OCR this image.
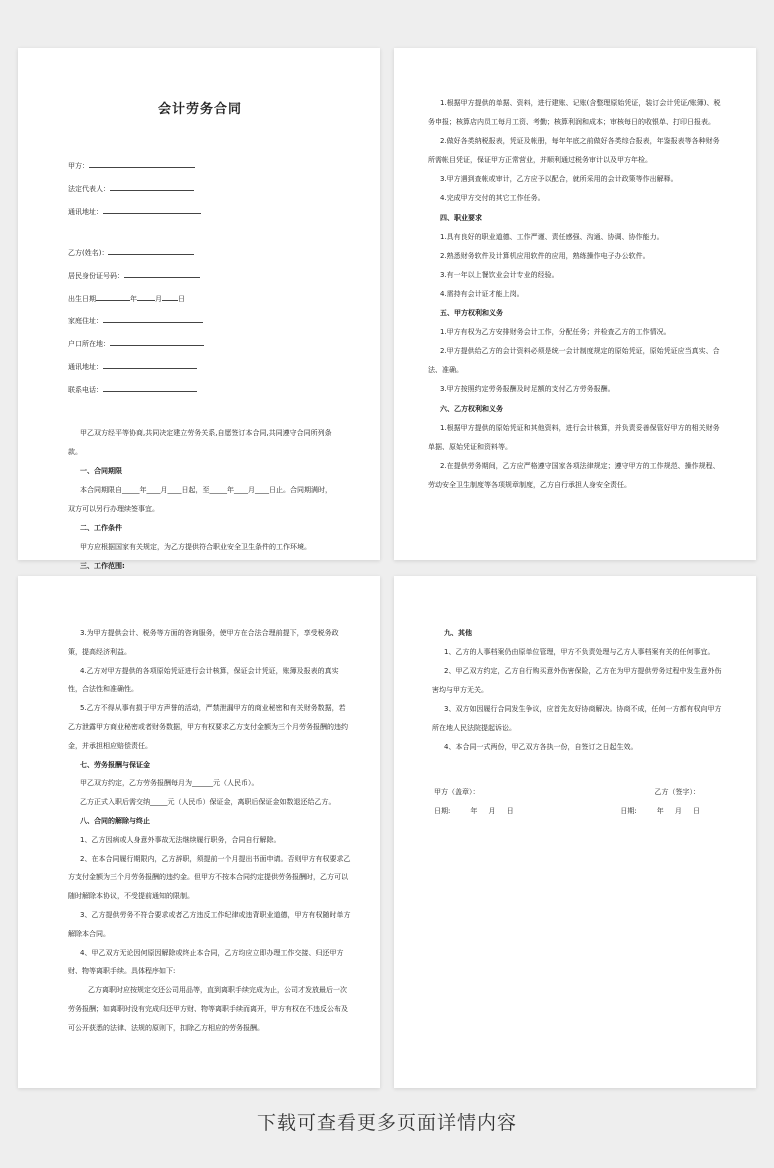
会计劳务合同
甲方：
法定代表人：
通讯地址：
乙方(姓名)：
居民身份证号码：
出生日期	年	月 日
家庭住址：
户口所在地：
通讯地址：
联系电话：

甲乙双方经平等协商,共同决定建立劳务关系,自愿签订本合同,共同遵守合同所列条款。

一、合同期限

本合同期限自_____年____月____日起，至_____年____月____日止。合同期满时，双方可以另行办理续签事宜。

二、工作条件

甲方应根据国家有关规定，为乙方提供符合职业安全卫生条件的工作环境。

三、工作范围:

1.根据甲方提供的单据、资料，进行建账、记账(含整理原始凭证，装订会计凭证/账簿)、税务申报；核算店内员工每月工资、考勤；核算利润和成本；审核每日的收银单、打印日报表。

2.做好各类纳税报表，凭证及帐册，每年年底之前做好各类综合报表，年鉴报表等各种财务所需帐目凭证，保证甲方正常营业，并顺利通过税务审计以及甲方年检。

3.甲方遇到查帐或审计，乙方应予以配合，就所采用的会计政策等作出解释。

4.完成甲方交付的其它工作任务。

四、职业要求

1.具有良好的职业道德、工作严谨、责任感强、沟通、协调、协作能力。

2.熟悉财务软件及计算机应用软件的应用，熟练操作电子办公软件。

3.有一年以上餐饮业会计专业的经验。

4.需持有会计证才能上岗。

五、甲方权利和义务

1.甲方有权为乙方安排财务会计工作，分配任务；并检查乙方的工作情况。

2.甲方提供给乙方的会计资料必须是统一会计制度规定的原始凭证，原始凭证应当真实、合法、准确。

3.甲方按照约定劳务报酬及时足额的支付乙方劳务报酬。

六、乙方权利和义务

1.根据甲方提供的原始凭证和其他资料，进行会计核算，并负责妥善保管好甲方的相关财务单据、原始凭证和资料等。

2.在提供劳务期间，乙方应严格遵守国家各项法律规定；遵守甲方的工作规范、操作规程、劳动安全卫生制度等各项规章制度，乙方自行承担人身安全责任。

3.为甲方提供会计、税务等方面的咨询服务，使甲方在合法合理前提下，享受税务政策，提高经济利益。

4.乙方对甲方提供的各项原始凭证进行会计核算，保证会计凭证，账簿及报表的真实性，合法性和准确性。

5.乙方不得从事有损于甲方声誉的活动，严禁泄漏甲方的商业秘密和有关财务数据，若乙方泄露甲方商业秘密或者财务数据，甲方有权要求乙方支付金额为三个月劳务报酬的违约金，并承担相应赔偿责任。

七、劳务报酬与保证金

甲乙双方约定，乙方劳务报酬每月为______元（人民币）。

乙方正式入职后需交纳_____元（人民币）保证金，离职后保证金如数退还给乙方。

八、合同的解除与终止

1、乙方因病或人身意外事故无法继续履行职务，合同自行解除。

2、在本合同履行期限内，乙方辞职，须提前一个月提出书面申请。否则甲方有权要求乙方支付金额为三个月劳务报酬的违约金。但甲方不按本合同约定提供劳务报酬时，乙方可以随时解除本协议，不受提前通知的限制。

3、乙方提供劳务不符合要求或者乙方违反工作纪律或违背职业道德，甲方有权随时单方解除本合同。

4、甲乙双方无论因何原因解除或终止本合同，乙方均应立即办理工作交接、归还甲方财、物等离职手续。具体程序如下:

乙方离职时应按规定交还公司用品等，直到离职手续完成为止，公司才发放最后一次劳务报酬；如离职时没有完成归还甲方财、物等离职手续而离开，甲方有权在不违反公布及可公开获悉的法律、法规的原则下，扣除乙方相应的劳务报酬。

九、其他

1、乙方的人事档案仍由原单位管理，甲方不负责处理与乙方人事档案有关的任何事宜。

2、甲乙双方约定，乙方自行购买意外伤害保险，乙方在为甲方提供劳务过程中发生意外伤害均与甲方无关。

3、双方如因履行合同发生争议，应首先友好协商解决。协商不成，任何一方都有权向甲方所在地人民法院提起诉讼。

4、本合同一式两份，甲乙双方各执一份，自签订之日起生效。

甲方（盖章）：	乙方（签字）：
日期:         年     月     日	日期:         年     月     日
下载可查看更多页面详情内容
